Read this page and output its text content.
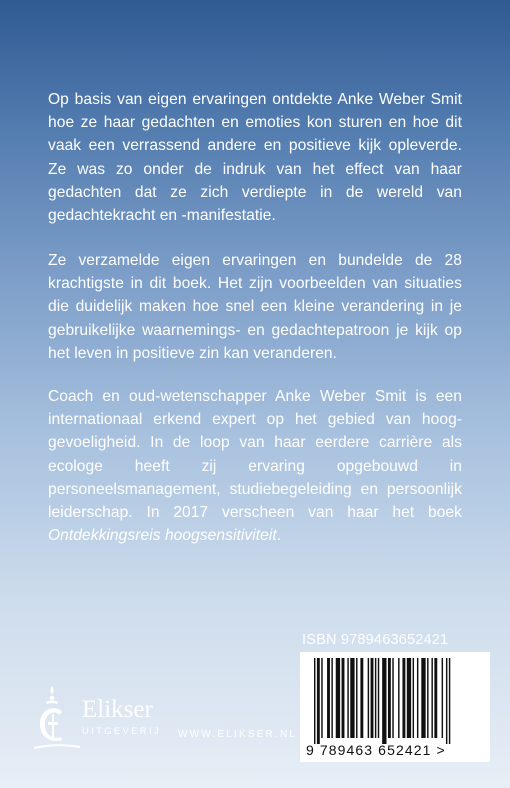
Op basis van eigen ervaringen ontdekte Anke Weber Smit hoe ze haar gedachten en emoties kon sturen en hoe dit vaak een verrassend andere en positieve kijk opleverde. Ze was zo onder de indruk van het effect van haar gedachten dat ze zich verdiepte in de wereld van gedachtekracht en -manifestatie.

Ze verzamelde eigen ervaringen en bundelde de 28 krachtigste in dit boek. Het zijn voorbeelden van situaties die duidelijk maken hoe snel een kleine verandering in je gebruikelijke waarnemings- en gedachtepatroon je kijk op het leven in positieve zin kan veranderen.

Coach en oud-wetenschapper Anke Weber Smit is een internationaal erkend expert op het gebied van hooggevoeligheid. In de loop van haar eerdere carrière als ecologe heeft zij ervaring opgebouwd in personeelsmanagement, studiebegeleiding en persoonlijk leiderschap. In 2017 verscheen van haar het boek Ontdekkingsreis hoogsensitiviteit.

ISBN 9789463652421
9 789463 652421 >
Elikser
UITGEVERIJ WWW.ELIKSER.NL
